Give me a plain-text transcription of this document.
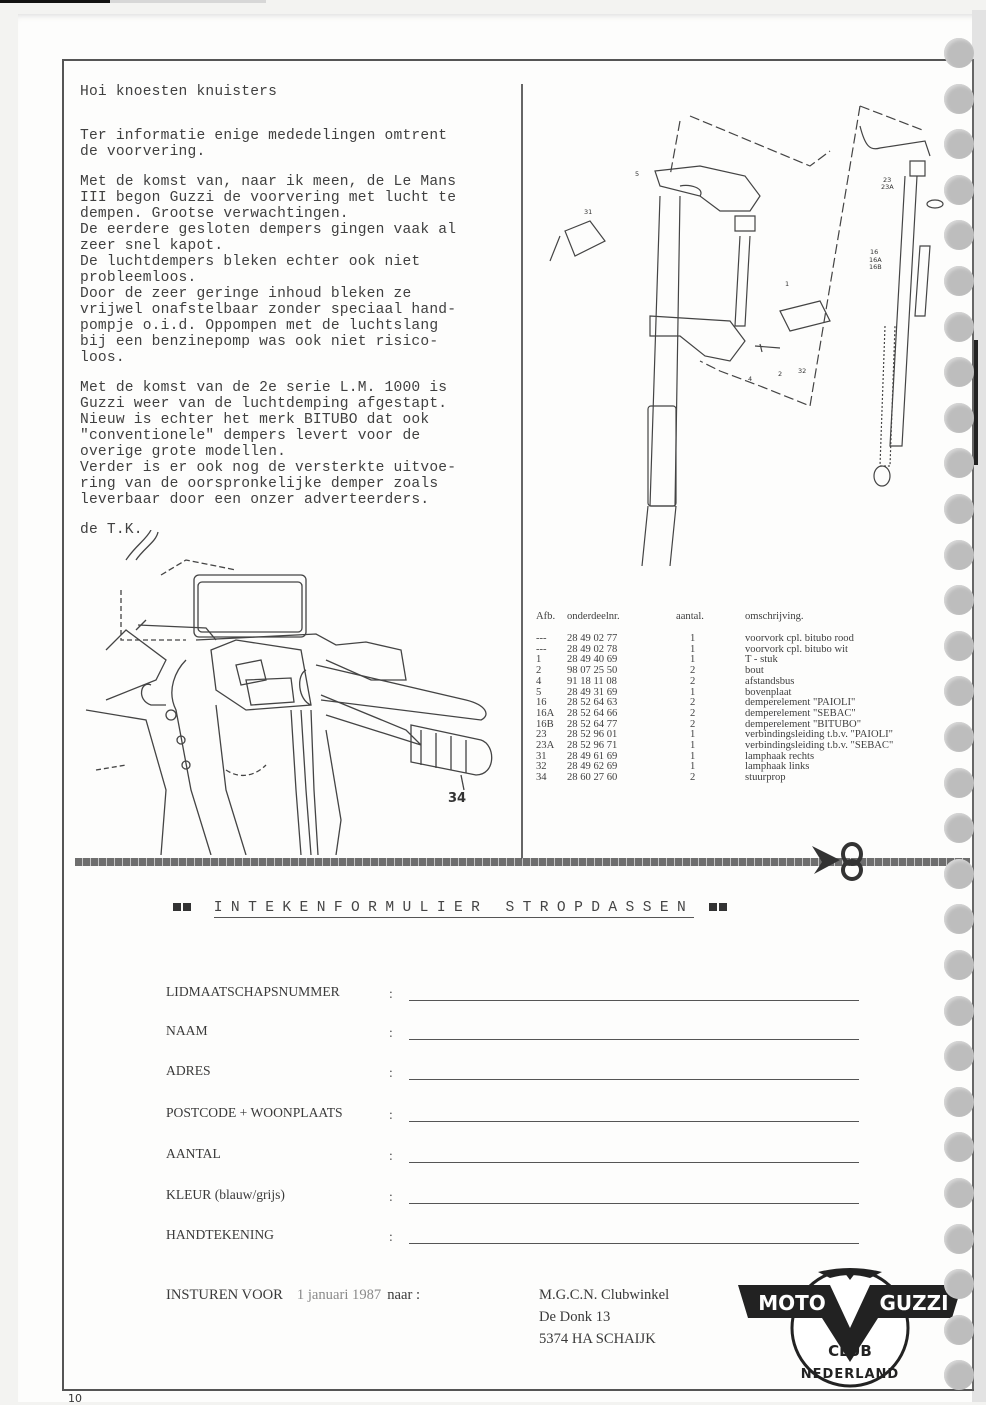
10

Hoi knoesten knuisters

Ter informatie enige mededelingen omtrent
de voorvering.

Met de komst van, naar ik meen, de Le Mans
III begon Guzzi de voorvering met lucht te
dempen. Grootse verwachtingen.
De eerdere gesloten dempers gingen vaak al
zeer snel kapot.
De luchtdempers bleken echter ook niet
probleemloos.
Door de zeer geringe inhoud bleken ze
vrijwel onafstelbaar zonder speciaal hand-
pompje o.i.d. Oppompen met de luchtslang
bij een benzinepomp was ook niet risico-
loos.

Met de komst van de 2e serie L.M. 1000 is
Guzzi weer van de luchtdemping afgestapt.
Nieuw is echter het merk BITUBO dat ook
"conventionele" dempers levert voor de
overige grote modellen.
Verder is er ook nog de versterkte uitvoe-
ring van de oorspronkelijke demper zoals
leverbaar door een onzer adverteerders.

de T.K.

34
5
31
1
2
4
32
23
23A
16
16A
16B
Afb. onderdeelnr.	aantal.	omschrijving.
--- 28 49 02 77	1	voorvork cpl. bitubo rood
--- 28 49 02 78	1	voorvork cpl. bitubo wit
1 28 49 40 69	1	T - stuk
2 98 07 25 50	2	bout
4 91 18 11 08	2	afstandsbus
5 28 49 31 69	1	bovenplaat
16 28 52 64 63	2	demperelement "PAIOLI"
16A 28 52 64 66	2	demperelement "SEBAC"
16B 28 52 64 77	2	demperelement "BITUBO"
23 28 52 96 01	1	verbindingsleiding t.b.v. "PAIOLI"
23A 28 52 96 71	1	verbindingsleiding t.b.v. "SEBAC"
31 28 49 61 69	1	lamphaak rechts
32 28 49 62 69	1	lamphaak links
34 28 60 27 60	2	stuurprop
INTEKENFORMULIER STROPDASSEN
LIDMAATSCHAPSNUMMER	:
NAAM	:
ADRES	:
POSTCODE + WOONPLAATS	:
AANTAL	:
KLEUR (blauw/grijs)	:
HANDTEKENING	:
INSTUREN VOOR 1 januari 1987 naar :	M.G.C.N. Clubwinkel
De Donk 13
5374 HA SCHAIJK
MOTO	GUZZI
CLUB
NEDERLAND
